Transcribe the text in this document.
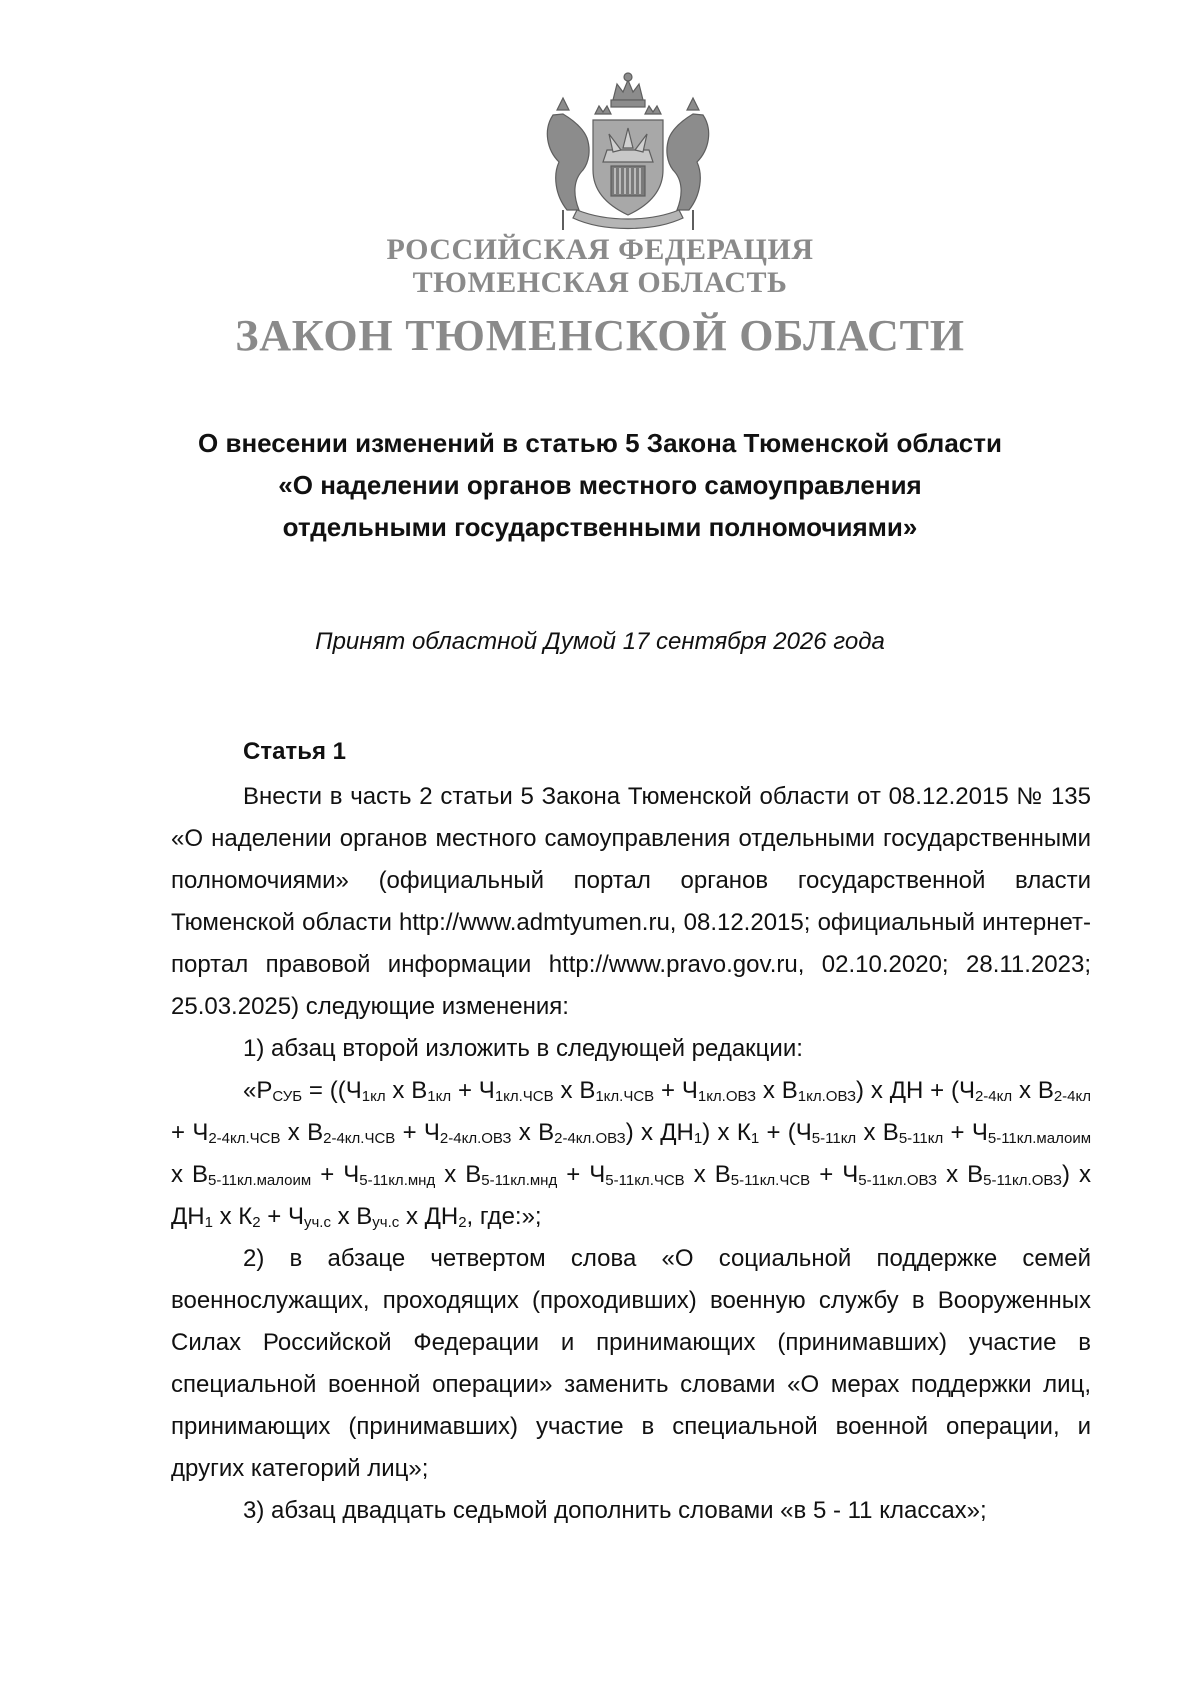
РОССИЙСКАЯ ФЕДЕРАЦИЯ
ТЮМЕНСКАЯ ОБЛАСТЬ
ЗАКОН ТЮМЕНСКОЙ ОБЛАСТИ
О внесении изменений в статью 5 Закона Тюменской области
«О наделении органов местного самоуправления
отдельными государственными полномочиями»
Принят областной Думой 17 сентября 2026 года
Статья 1

Внести в часть 2 статьи 5 Закона Тюменской области от 08.12.2015 № 135 «О наделении органов местного самоуправления отдельными государственными полномочиями» (официальный портал органов государственной власти Тюменской области http://www.admtyumen.ru, 08.12.2015; официальный интернет-портал правовой информации http://www.pravo.gov.ru, 02.10.2020; 28.11.2023; 25.03.2025) следующие изменения:

1) абзац второй изложить в следующей редакции:

«$Р_{СУБ} = ((Ч_{1кл}$ x $В_{1кл} + Ч_{1кл.ЧСВ}$ x $В_{1кл.ЧСВ} + Ч_{1кл.ОВЗ}$ x $В_{1кл.ОВЗ}$) x ДН + ($Ч_{2-4кл}$ x $В_{2-4кл} + Ч_{2-4кл.ЧСВ}$ x $В_{2-4кл.ЧСВ} + Ч_{2-4кл.ОВЗ}$ x $В_{2-4кл.ОВЗ}$) x $ДН_1$) x $К_1 + (Ч_{5-11кл}$ x $В_{5-11кл} + Ч_{5-11кл.малоим}$ x $В_{5-11кл.малоим} + Ч_{5-11кл.мнд}$ x $В_{5-11кл.мнд} + Ч_{5-11кл.ЧСВ}$ x $В_{5-11кл.ЧСВ} + Ч_{5-11кл.ОВЗ}$ x $В_{5-11кл.ОВЗ}$) x $ДН_1$ x $К_2 + Ч_{уч.с}$ x $В_{уч.с}$ x $ДН_2$, где:»;

2) в абзаце четвертом слова «О социальной поддержке семей военнослужащих, проходящих (проходивших) военную службу в Вооруженных Силах Российской Федерации и принимающих (принимавших) участие в специальной военной операции» заменить словами «О мерах поддержки лиц, принимающих (принимавших) участие в специальной военной операции, и других категорий лиц»;

3) абзац двадцать седьмой дополнить словами «в 5 - 11 классах»;
